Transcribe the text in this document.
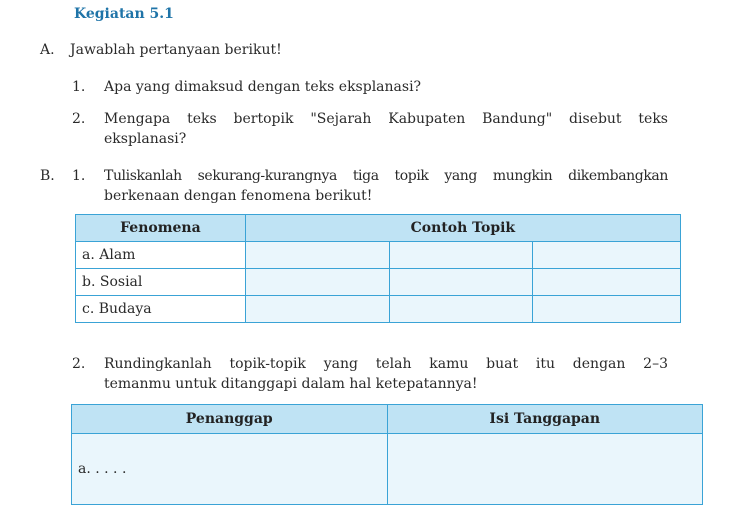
Kegiatan 5.1
A. Jawablah pertanyaan berikut!
1. Apa yang dimaksud dengan teks eksplanasi?
2. Mengapa teks bertopik "Sejarah Kabupaten Bandung" disebut teks
eksplanasi?
B. 1. Tuliskanlah sekurang-kurangnya tiga topik yang mungkin dikembangkan
berkenaan dengan fenomena berikut!
Fenomena	Contoh Topik		
a. Alam			
b. Sosial			
c. Budaya			
2. Rundingkanlah topik-topik yang telah kamu buat itu dengan 2–3
temanmu untuk ditanggapi dalam hal ketepatannya!
Penanggap	Isi Tanggapan
a. . . . .	
